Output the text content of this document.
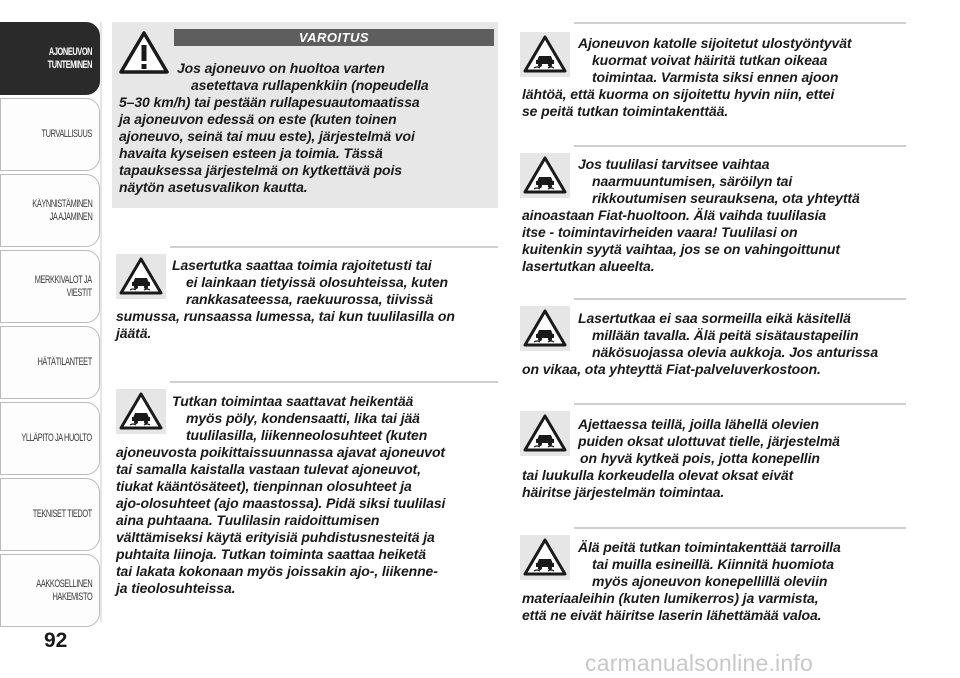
AJONEUVON
TUNTEMINEN
TURVALLISUUS
KÄYNNISTÄMINEN
JA AJAMINEN
MERKKIVALOT JA
VIESTIT
HÄTÄTILANTEET
YLLÄPITO JA HUOLTO
TEKNISET TIEDOT
AAKKOSELLINEN
HAKEMISTO
92
VAROITUS
Jos ajoneuvo on huoltoa varten
asetettava rullapenkkiin (nopeudella
5–30 km/h) tai pestään rullapesuautomaatissa
ja ajoneuvon edessä on este (kuten toinen
ajoneuvo, seinä tai muu este), järjestelmä voi
havaita kyseisen esteen ja toimia. Tässä
tapauksessa järjestelmä on kytkettävä pois
näytön asetusvalikon kautta.
Lasertutka saattaa toimia rajoitetusti tai
ei lainkaan tietyissä olosuhteissa, kuten
rankkasateessa, raekuurossa, tiivissä
sumussa, runsaassa lumessa, tai kun tuulilasilla on
jäätä.
Tutkan toimintaa saattavat heikentää
myös pöly, kondensaatti, lika tai jää
tuulilasilla, liikenneolosuhteet (kuten
ajoneuvosta poikittaissuunnassa ajavat ajoneuvot
tai samalla kaistalla vastaan tulevat ajoneuvot,
tiukat kääntösäteet), tienpinnan olosuhteet ja
ajo-olosuhteet (ajo maastossa). Pidä siksi tuulilasi
aina puhtaana. Tuulilasin raidoittumisen
välttämiseksi käytä erityisiä puhdistusnesteitä ja
puhtaita liinoja. Tutkan toiminta saattaa heiketä
tai lakata kokonaan myös joissakin ajo-, liikenne-
ja tieolosuhteissa.
Ajoneuvon katolle sijoitetut ulostyöntyvät
kuormat voivat häiritä tutkan oikeaa
toimintaa. Varmista siksi ennen ajoon
lähtöä, että kuorma on sijoitettu hyvin niin, ettei
se peitä tutkan toimintakenttää.
Jos tuulilasi tarvitsee vaihtaa
naarmuuntumisen, säröilyn tai
rikkoutumisen seurauksena, ota yhteyttä
ainoastaan Fiat-huoltoon. Älä vaihda tuulilasia
itse - toimintavirheiden vaara! Tuulilasi on
kuitenkin syytä vaihtaa, jos se on vahingoittunut
lasertutkan alueelta.
Lasertutkaa ei saa sormeilla eikä käsitellä
millään tavalla. Älä peitä sisätaustapeilin
näkösuojassa olevia aukkoja. Jos anturissa
on vikaa, ota yhteyttä Fiat-palveluverkostoon.
Ajettaessa teillä, joilla lähellä olevien
puiden oksat ulottuvat tielle, järjestelmä
on hyvä kytkeä pois, jotta konepellin
tai luukulla korkeudella olevat oksat eivät
häiritse järjestelmän toimintaa.
Älä peitä tutkan toimintakenttää tarroilla
tai muilla esineillä. Kiinnitä huomiota
myös ajoneuvon konepellillä oleviin
materiaaleihin (kuten lumikerros) ja varmista,
että ne eivät häiritse laserin lähettämää valoa.
carmanualsonline.info
